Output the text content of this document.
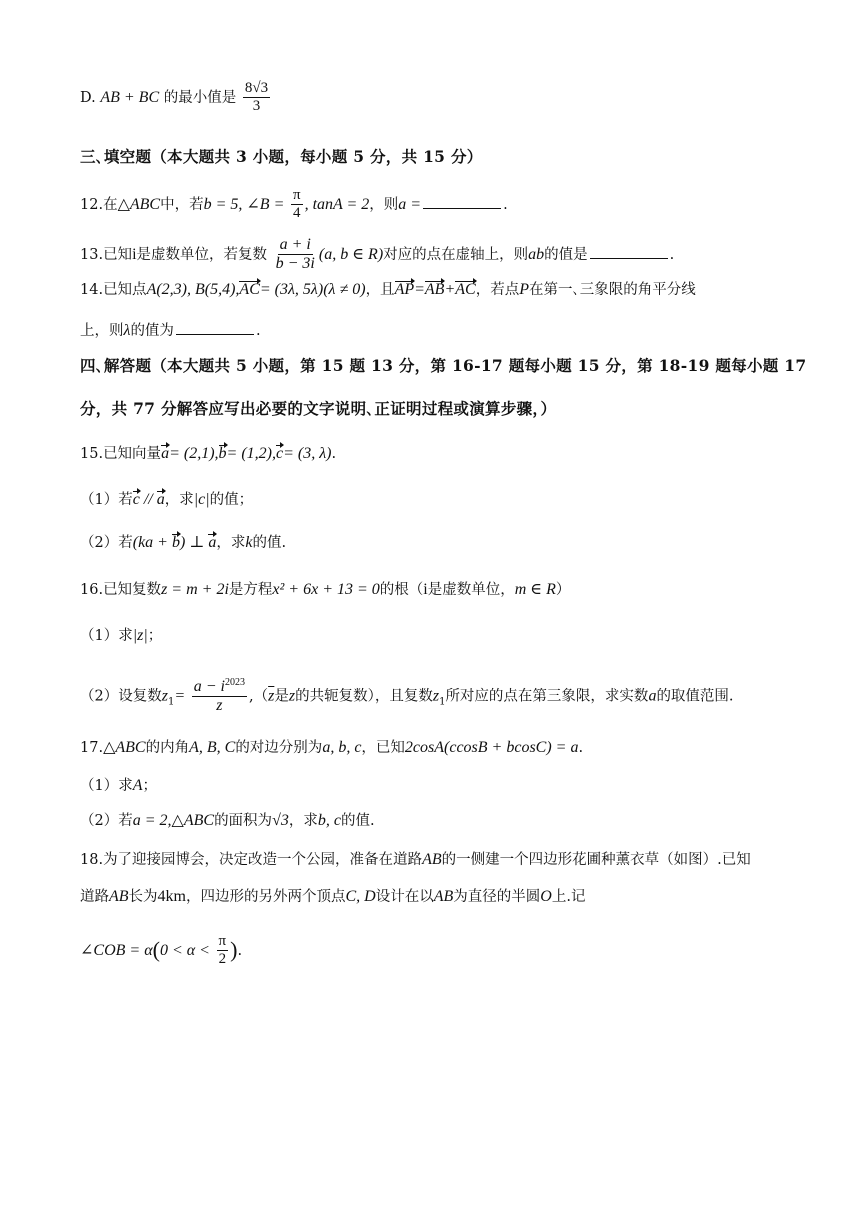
D. AB + BC 的最小值是 $\frac{8√3}{3}$
三､填空题（本大题共 3 小题，每小题 5 分，共 15 分）
12.在△ABC中，若b = 5, ∠B = $\frac{\pi}{4}$ , tanA = 2，则a =	.
13.已知i是虚数单位，若复数 $\frac{a + i}{b - 3i} (a$, b ∈ R)对应的点在虚轴上，则ab的值是	.
14.已知点A(2,3), B(5,4),AC= (3λ, 5λ)(λ ≠ 0)，且AP=AB+AC，若点P在第一､三象限的角平分线
上，则λ的值为	.
四､解答题（本大题共 5 小题，第 15 题 13 分，第 16-17 题每小题 15 分，第 18-19 题每小题 17
分，共 77 分解答应写出必要的文字说明､正证明过程或演算步骤，）
15.已知向量a= (2,1),b= (1,2),c= (3, λ).
（1）若c // a，求|c|的值；
（2）若(ka + b) ⊥ a，求k的值.
16.已知复数z = m + 2i是方程x² + 6x + 13 = 0的根（i是虚数单位，m ∈ R）
（1）求|z|；
（2）设复数$z_1= \frac{a - i^{2023}}{z} ,(\overline{z}$是z的共轭复数），且复数$z_1$所对应的点在第三象限，求实数a的取值范围.
17.△ABC的内角A, B, C的对边分别为a, b, c，已知2cosA(ccosB + bcosC) = a.
（1）求A；
（2）若a = 2,△ABC的面积为√3，求b, c的值.
18.为了迎接园博会，决定改造一个公园，准备在道路AB的一侧建一个四边形花圃种薰衣草（如图）.已知
道路AB长为4km，四边形的另外两个顶点C, D设计在以AB为直径的半圆O上.记
∠COB = $\alpha(0 < \alpha < \frac{\pi}{2}$ ).
